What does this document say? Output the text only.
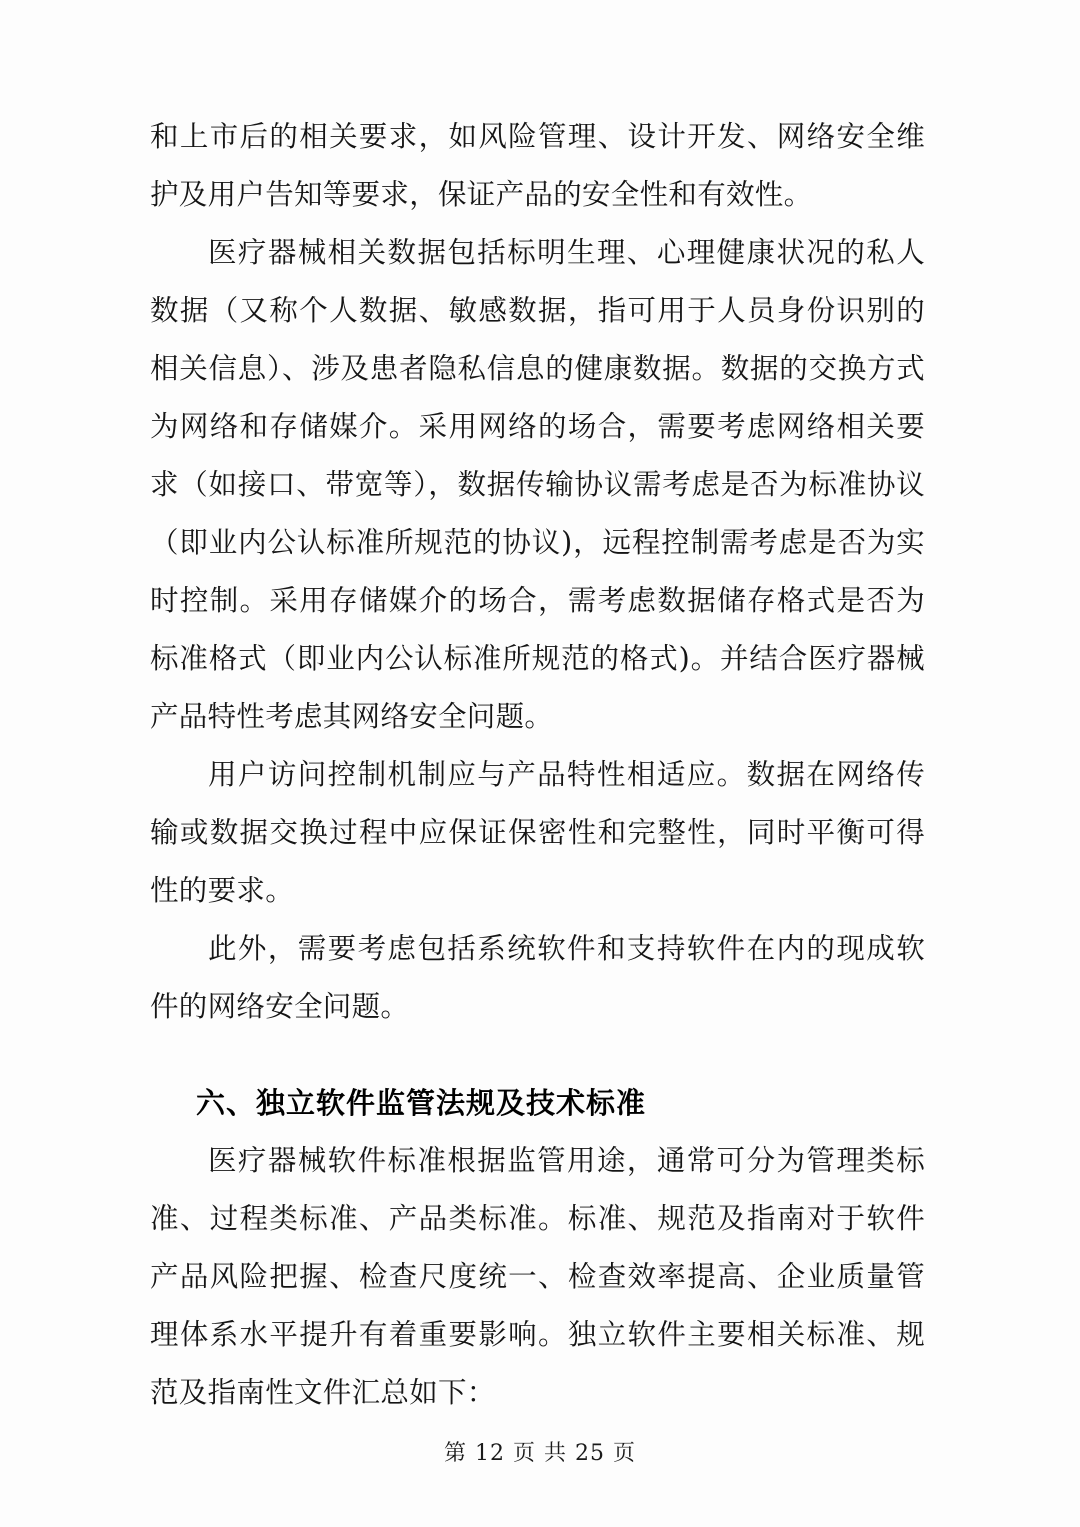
和上市后的相关要求，如风险管理、设计开发、网络安全维护及用户告知等要求，保证产品的安全性和有效性。

医疗器械相关数据包括标明生理、心理健康状况的私人数据（又称个人数据、敏感数据，指可用于人员身份识别的相关信息）、涉及患者隐私信息的健康数据。数据的交换方式为网络和存储媒介。采用网络的场合，需要考虑网络相关要求（如接口、带宽等），数据传输协议需考虑是否为标准协议（即业内公认标准所规范的协议)，远程控制需考虑是否为实时控制。采用存储媒介的场合，需考虑数据储存格式是否为标准格式（即业内公认标准所规范的格式)。并结合医疗器械产品特性考虑其网络安全问题。

用户访问控制机制应与产品特性相适应。数据在网络传输或数据交换过程中应保证保密性和完整性，同时平衡可得性的要求。

此外，需要考虑包括系统软件和支持软件在内的现成软件的网络安全问题。

六、独立软件监管法规及技术标准

医疗器械软件标准根据监管用途，通常可分为管理类标准、过程类标准、产品类标准。标准、规范及指南对于软件产品风险把握、检查尺度统一、检查效率提高、企业质量管理体系水平提升有着重要影响。独立软件主要相关标准、规范及指南性文件汇总如下：

第 12 页 共 25 页
